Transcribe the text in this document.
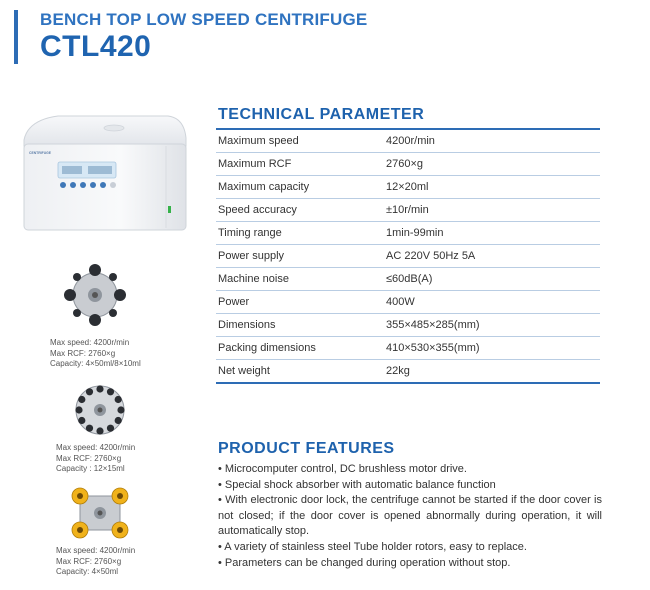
BENCH TOP LOW SPEED CENTRIFUGE
CTL420
CENTRIFUGE
Max speed: 4200r/min
Max RCF: 2760×g
Capacity: 4×50ml/8×10ml
Max speed: 4200r/min
Max RCF: 2760×g
Capacity : 12×15ml
Max speed: 4200r/min
Max RCF: 2760×g
Capacity: 4×50ml
TECHNICAL PARAMETER
Maximum speed	4200r/min
Maximum RCF	2760×g
Maximum capacity	12×20ml
Speed accuracy	±10r/min
Timing range	1min-99min
Power supply	AC 220V 50Hz 5A
Machine noise	≤60dB(A)
Power	400W
Dimensions	355×485×285(mm)
Packing dimensions	410×530×355(mm)
Net weight	22kg
PRODUCT FEATURES
• Microcomputer control, DC brushless motor drive.
• Special shock absorber with automatic balance function
• With electronic door lock, the centrifuge cannot be started if the door cover is not closed; if the door cover is opened abnormally during operation, it will automatically stop.
• A variety of stainless steel Tube holder rotors, easy to replace.
• Parameters can be changed during operation without stop.
